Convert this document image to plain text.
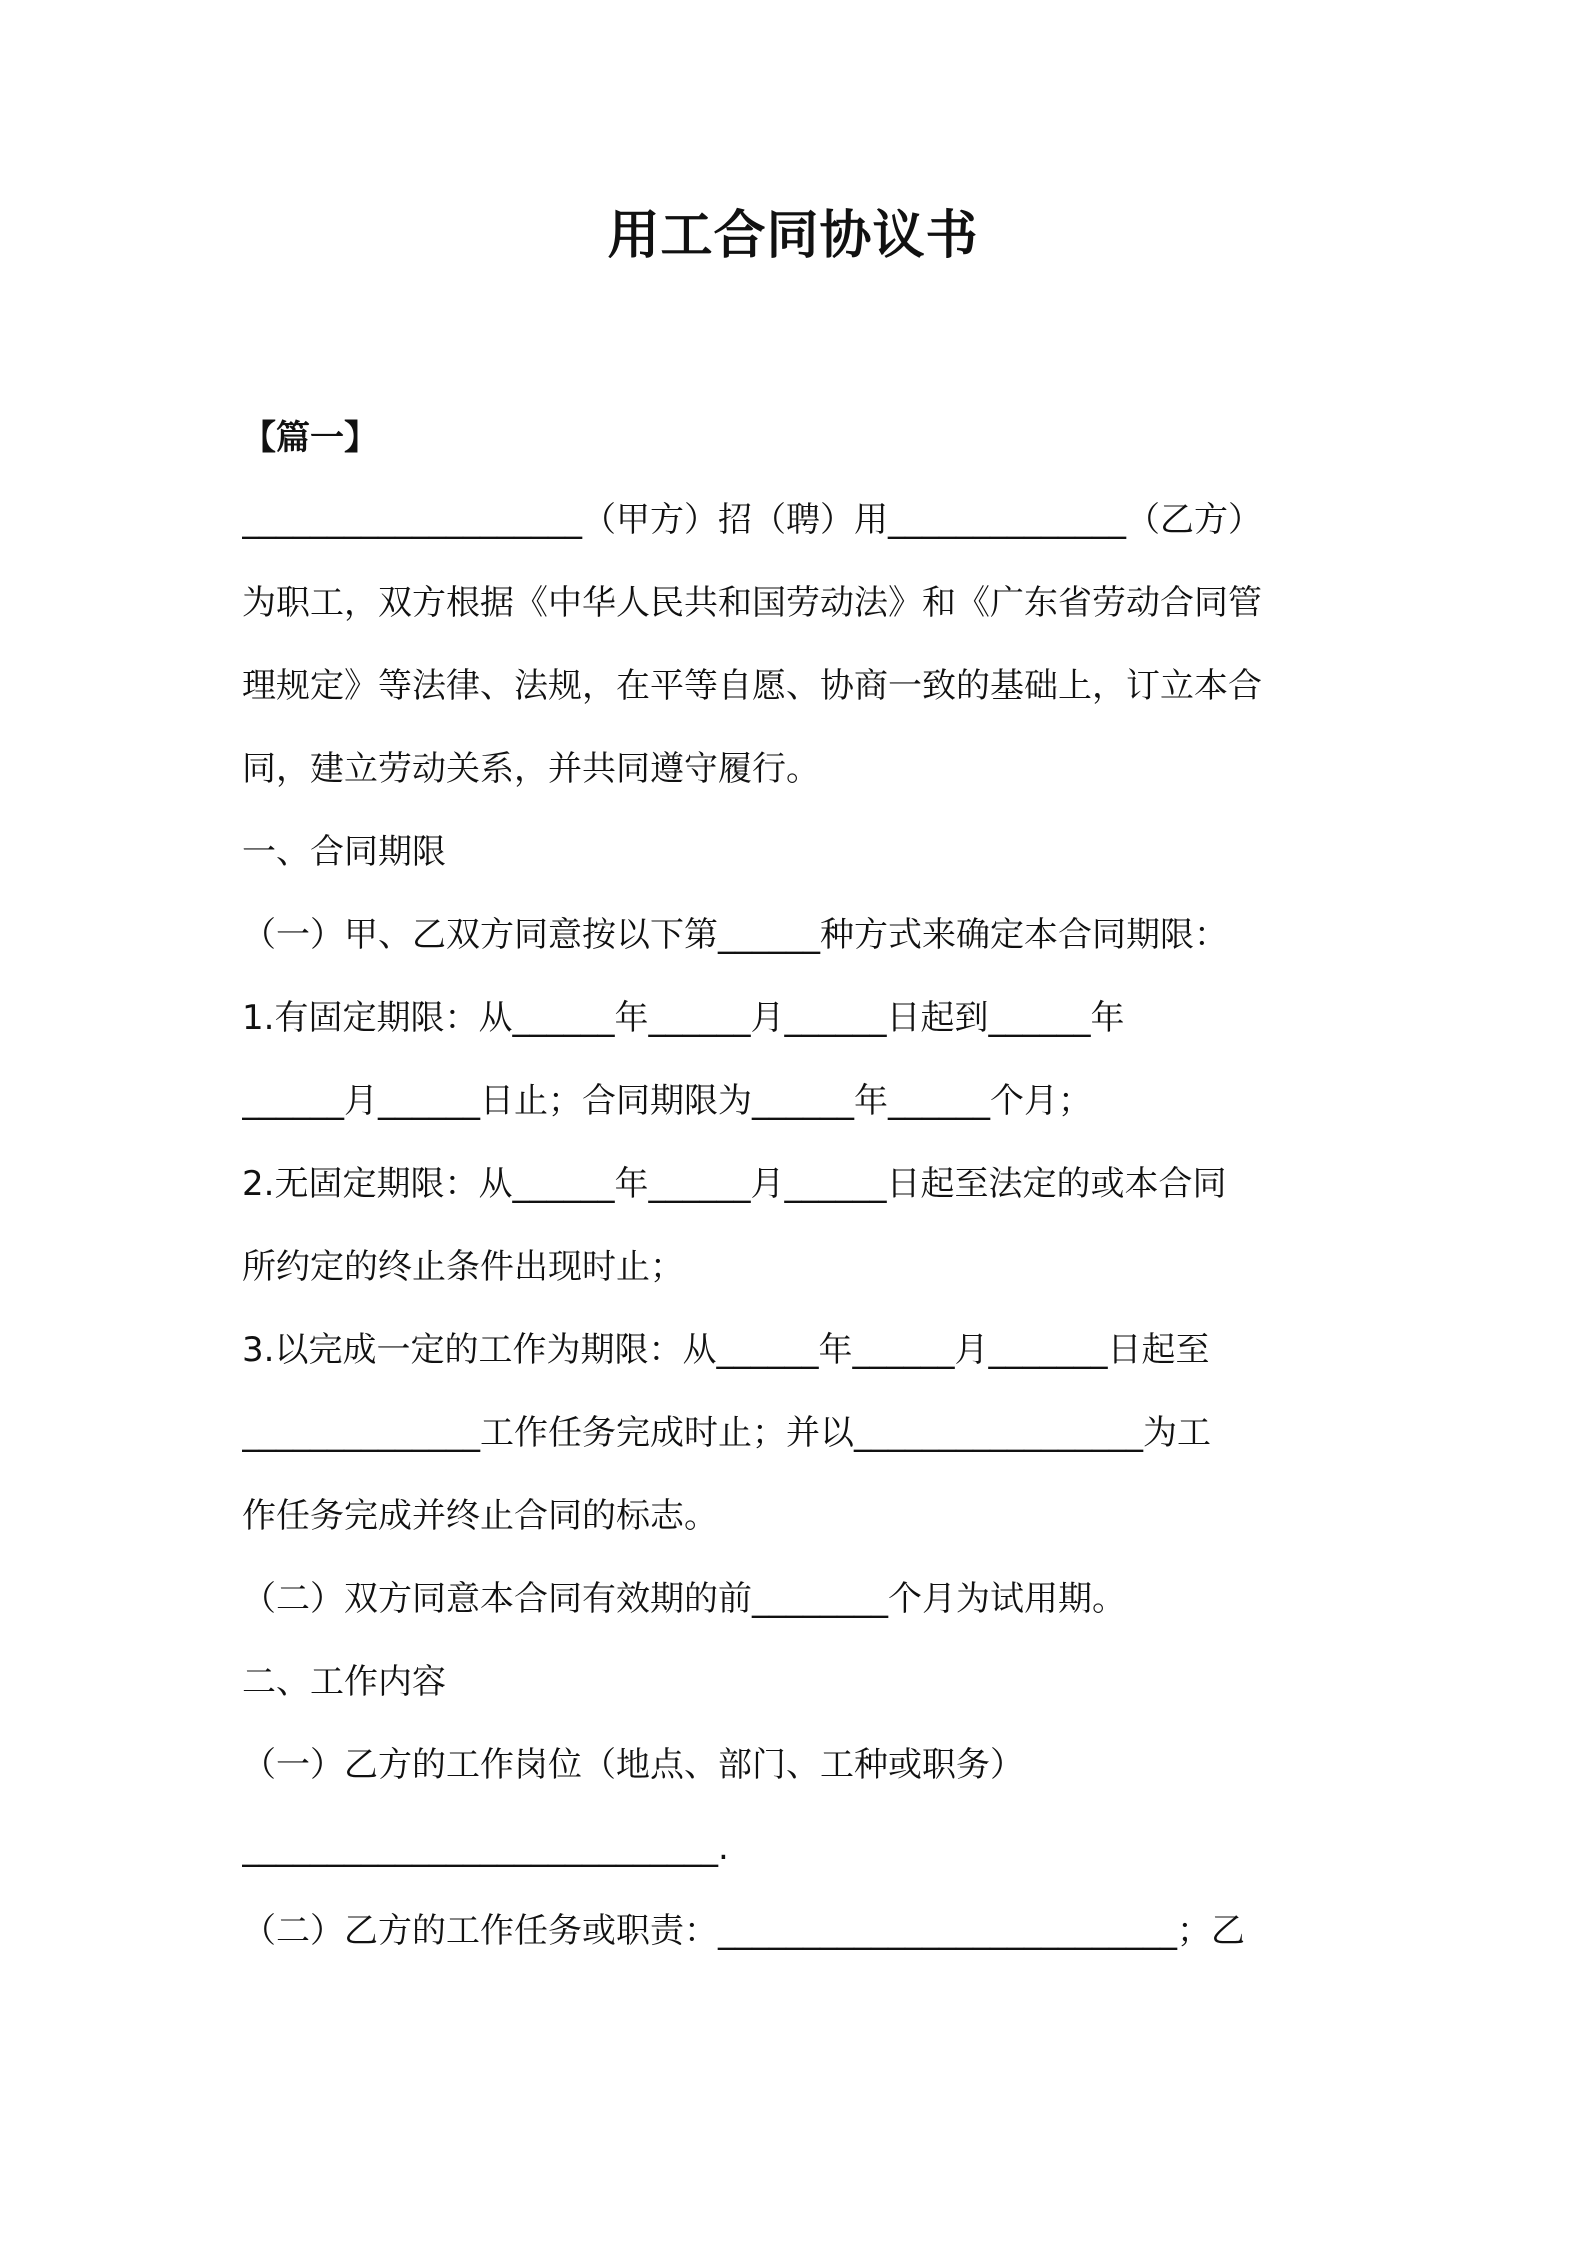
用工合同协议书
【篇一】
____________________（甲方）招（聘）用______________（乙方）
为职工，双方根据《中华人民共和国劳动法》和《广东省劳动合同管
理规定》等法律、法规，在平等自愿、协商一致的基础上，订立本合
同，建立劳动关系，并共同遵守履行。
一、合同期限
（一）甲、乙双方同意按以下第______种方式来确定本合同期限：
1.有固定期限：从______年______月______日起到______年
______月______日止；合同期限为______年______个月；
2.无固定期限：从______年______月______日起至法定的或本合同
所约定的终止条件出现时止；
3.以完成一定的工作为期限：从______年______月_______日起至
______________工作任务完成时止；并以_________________为工
作任务完成并终止合同的标志。
（二）双方同意本合同有效期的前________个月为试用期。
二、工作内容
（一）乙方的工作岗位（地点、部门、工种或职务）
____________________________.
（二）乙方的工作任务或职责：___________________________；乙
